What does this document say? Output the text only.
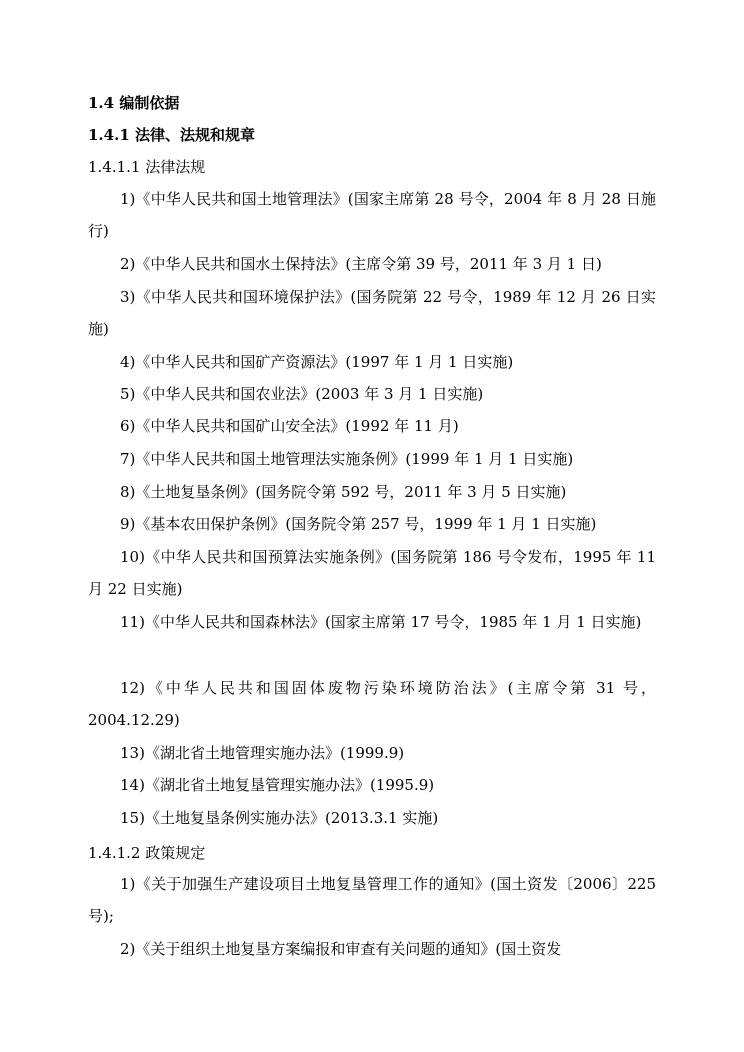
1.4 编制依据
1.4.1 法律、法规和规章
1.4.1.1 法律法规
1)《中华人民共和国土地管理法》(国家主席第 28 号令，2004 年 8 月 28 日施行)
2)《中华人民共和国水土保持法》(主席令第 39 号，2011 年 3 月 1 日)
3)《中华人民共和国环境保护法》(国务院第 22 号令，1989 年 12 月 26 日实施)
4)《中华人民共和国矿产资源法》(1997 年 1 月 1 日实施)
5)《中华人民共和国农业法》(2003 年 3 月 1 日实施)
6)《中华人民共和国矿山安全法》(1992 年 11 月)
7)《中华人民共和国土地管理法实施条例》(1999 年 1 月 1 日实施)
8)《土地复垦条例》(国务院令第 592 号，2011 年 3 月 5 日实施)
9)《基本农田保护条例》(国务院令第 257 号，1999 年 1 月 1 日实施)
10)《中华人民共和国预算法实施条例》(国务院第 186 号令发布，1995 年 11 月 22 日实施)
11)《中华人民共和国森林法》(国家主席第 17 号令，1985 年 1 月 1 日实施)
12)《中华人民共和国固体废物污染环境防治法》(主席令第 31 号，2004.12.29)
13)《湖北省土地管理实施办法》(1999.9)
14)《湖北省土地复垦管理实施办法》(1995.9)
15)《土地复垦条例实施办法》(2013.3.1 实施)
1.4.1.2 政策规定
1)《关于加强生产建设项目土地复垦管理工作的通知》(国土资发〔2006〕225 号);
2)《关于组织土地复垦方案编报和审查有关问题的通知》(国土资发
